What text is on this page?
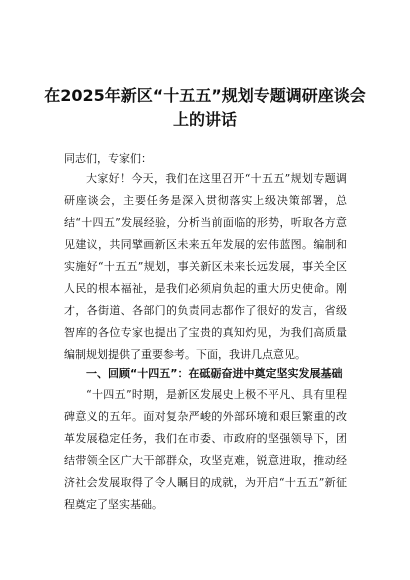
在2025年新区“十五五”规划专题调研座谈会上的讲话

同志们，专家们：

大家好！今天，我们在这里召开“十五五”规划专题调研座谈会，主要任务是深入贯彻落实上级决策部署，总结“十四五”发展经验，分析当前面临的形势，听取各方意见建议，共同擘画新区未来五年发展的宏伟蓝图。编制和实施好“十五五”规划，事关新区未来长远发展，事关全区人民的根本福祉，是我们必须肩负起的重大历史使命。刚才，各街道、各部门的负责同志都作了很好的发言，省级智库的各位专家也提出了宝贵的真知灼见，为我们高质量编制规划提供了重要参考。下面，我讲几点意见。

一、回顾“十四五”：在砥砺奋进中奠定坚实发展基础

“十四五”时期，是新区发展史上极不平凡、具有里程碑意义的五年。面对复杂严峻的外部环境和艰巨繁重的改革发展稳定任务，我们在市委、市政府的坚强领导下，团结带领全区广大干部群众，攻坚克难，锐意进取，推动经济社会发展取得了令人瞩目的成就，为开启“十五五”新征程奠定了坚实基础。
